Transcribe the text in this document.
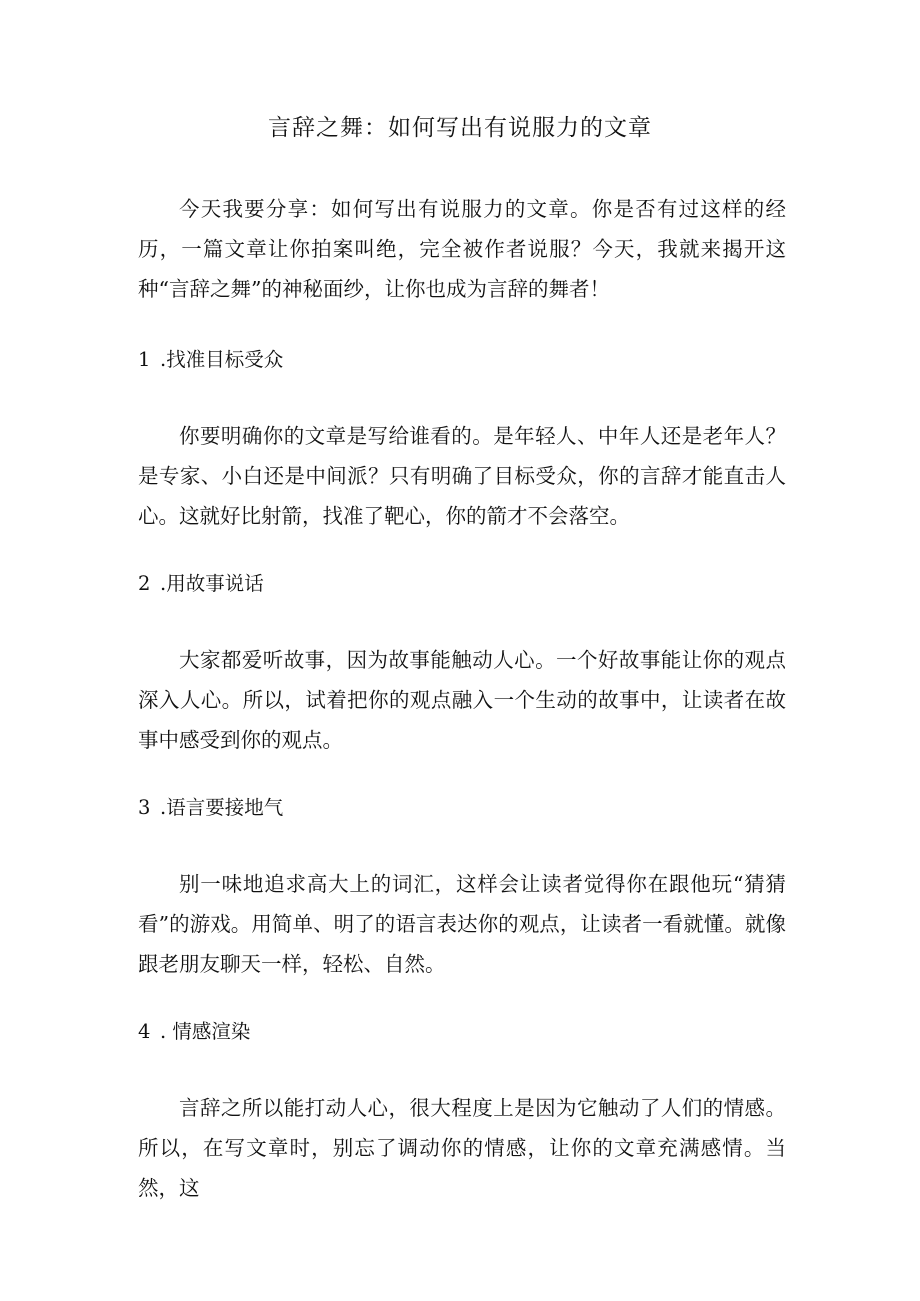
言辞之舞：如何写出有说服力的文章

今天我要分享：如何写出有说服力的文章。你是否有过这样的经历，一篇文章让你拍案叫绝，完全被作者说服？今天，我就来揭开这种“言辞之舞”的神秘面纱，让你也成为言辞的舞者！

1 .找准目标受众

你要明确你的文章是写给谁看的。是年轻人、中年人还是老年人？是专家、小白还是中间派？只有明确了目标受众，你的言辞才能直击人心。这就好比射箭，找准了靶心，你的箭才不会落空。

2 .用故事说话

大家都爱听故事，因为故事能触动人心。一个好故事能让你的观点深入人心。所以，试着把你的观点融入一个生动的故事中，让读者在故事中感受到你的观点。

3 .语言要接地气

别一味地追求高大上的词汇，这样会让读者觉得你在跟他玩“猜猜看”的游戏。用简单、明了的语言表达你的观点，让读者一看就懂。就像跟老朋友聊天一样，轻松、自然。

4 . 情感渲染

言辞之所以能打动人心，很大程度上是因为它触动了人们的情感。所以，在写文章时，别忘了调动你的情感，让你的文章充满感情。当然，这
